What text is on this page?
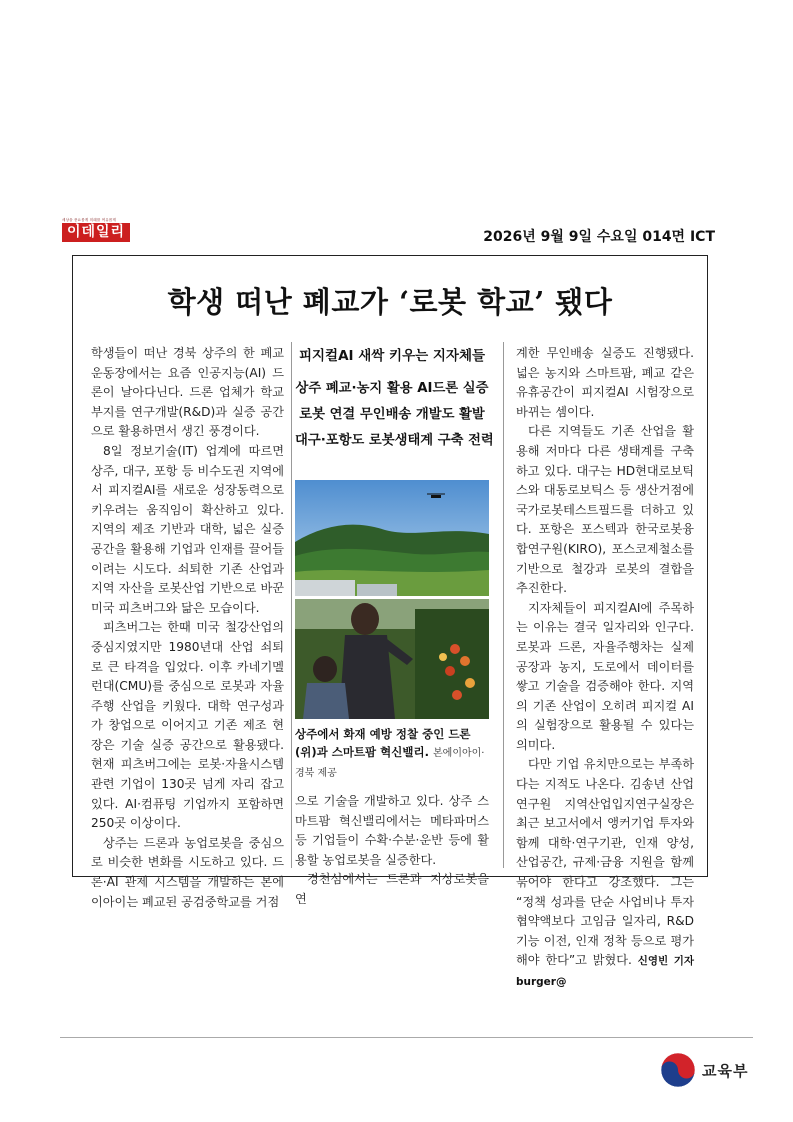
세상을 풍요롭게 미래를 여유롭게
이데일리	2026년 9월 9일 수요일 014면 ICT
학생 떠난 폐교가 ‘로봇 학교’ 됐다

학생들이 떠난 경북 상주의 한 폐교 운동장에서는 요즘 인공지능(AI) 드론이 날아다닌다. 드론 업체가 학교 부지를 연구개발(R&D)과 실증 공간으로 활용하면서 생긴 풍경이다.

8일 정보기술(IT) 업계에 따르면 상주, 대구, 포항 등 비수도권 지역에서 피지컬AI를 새로운 성장동력으로 키우려는 움직임이 확산하고 있다. 지역의 제조 기반과 대학, 넓은 실증 공간을 활용해 기업과 인재를 끌어들이려는 시도다. 쇠퇴한 기존 산업과 지역 자산을 로봇산업 기반으로 바꾼 미국 피츠버그와 닮은 모습이다.

피츠버그는 한때 미국 철강산업의 중심지였지만 1980년대 산업 쇠퇴로 큰 타격을 입었다. 이후 카네기멜런대(CMU)를 중심으로 로봇과 자율주행 산업을 키웠다. 대학 연구성과가 창업으로 이어지고 기존 제조 현장은 기술 실증 공간으로 활용됐다. 현재 피츠버그에는 로봇·자율시스템 관련 기업이 130곳 넘게 자리 잡고 있다. AI·컴퓨팅 기업까지 포함하면 250곳 이상이다.

상주는 드론과 농업로봇을 중심으로 비슷한 변화를 시도하고 있다. 드론·AI 관제 시스템을 개발하는 본에이아이는 폐교된 공검중학교를 거점

피지컬AI 새싹 키우는 지자체들
상주 폐교·농지 활용 AI드론 실증
로봇 연결 무인배송 개발도 활발
대구·포항도 로봇생태계 구축 전력
상주에서 화재 예방 정찰 중인 드론(위)과 스마트팜 혁신밸리. 본에이아이·경북 제공

으로 기술을 개발하고 있다. 상주 스마트팜 혁신밸리에서는 메타파머스 등 기업들이 수확·수분·운반 등에 활용할 농업로봇을 실증한다.

경천섬에서는 드론과 지상로봇을 연

계한 무인배송 실증도 진행됐다. 넓은 농지와 스마트팜, 폐교 같은 유휴공간이 피지컬AI 시험장으로 바뀌는 셈이다.

다른 지역들도 기존 산업을 활용해 저마다 다른 생태계를 구축하고 있다. 대구는 HD현대로보틱스와 대동로보틱스 등 생산거점에 국가로봇테스트필드를 더하고 있다. 포항은 포스텍과 한국로봇융합연구원(KIRO), 포스코제철소를 기반으로 철강과 로봇의 결합을 추진한다.

지자체들이 피지컬AI에 주목하는 이유는 결국 일자리와 인구다. 로봇과 드론, 자율주행차는 실제 공장과 농지, 도로에서 데이터를 쌓고 기술을 검증해야 한다. 지역의 기존 산업이 오히려 피지컬 AI의 실험장으로 활용될 수 있다는 의미다.

다만 기업 유치만으로는 부족하다는 지적도 나온다. 김송년 산업연구원 지역산업입지연구실장은 최근 보고서에서 앵커기업 투자와 함께 대학·연구기관, 인재 양성, 산업공간, 규제·금융 지원을 함께 묶어야 한다고 강조했다. 그는 “정책 성과를 단순 사업비나 투자협약액보다 고임금 일자리, R&D 기능 이전, 인재 정착 등으로 평가해야 한다”고 밝혔다. 신영빈 기자 burger@

교육부
